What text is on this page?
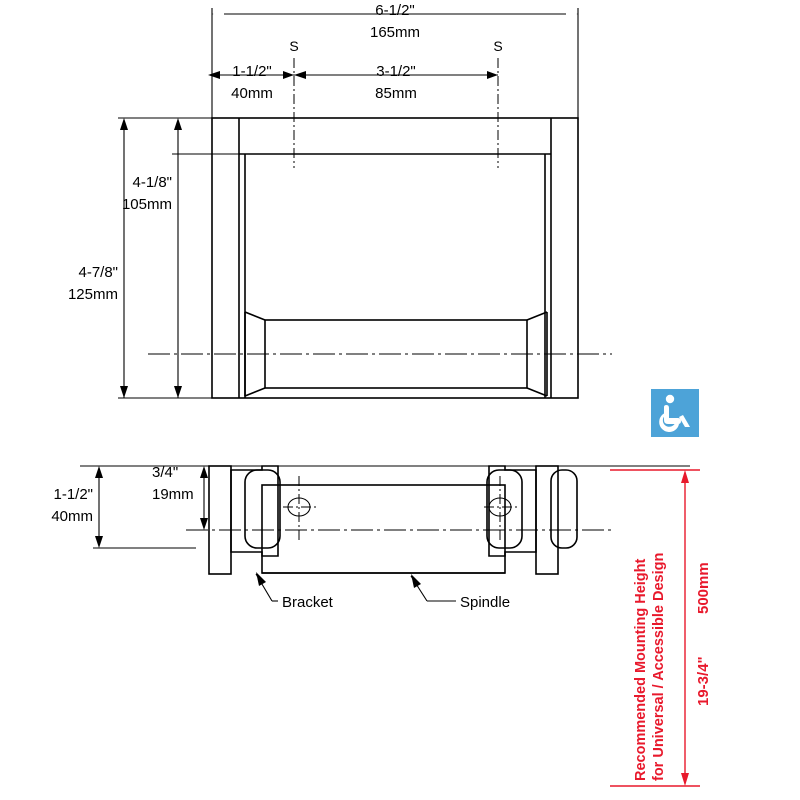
6-1/2"
165mm
S	S
1-1/2"
40mm
3-1/2"
85mm
4-1/8"
105mm
4-7/8"
125mm
3/4"
19mm
1-1/2"
40mm
Bracket	Spindle	Recommended Mounting Height for Universal / Accessible Design 19-3/4"
500mm
